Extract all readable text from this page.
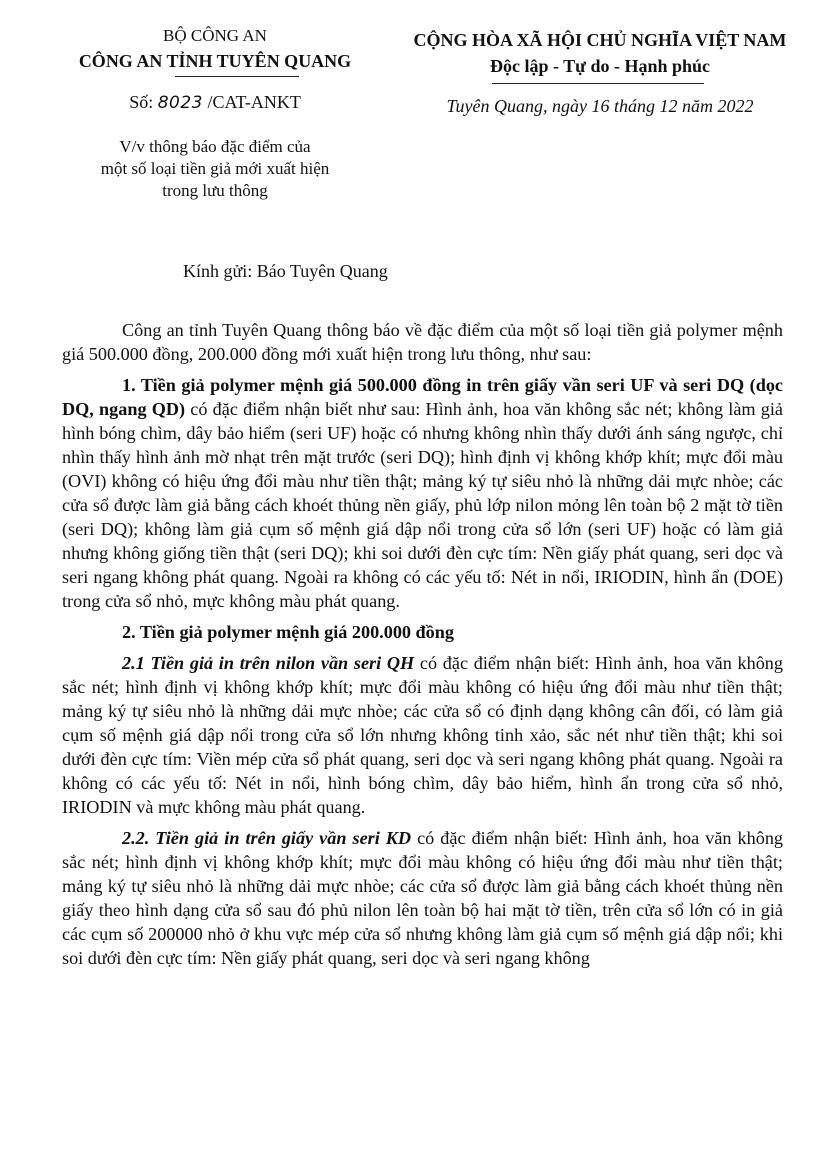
BỘ CÔNG AN
CÔNG AN TỈNH TUYÊN QUANG
Số: 8023 /CAT-ANKT
V/v thông báo đặc điểm của
một số loại tiền giả mới xuất hiện
trong lưu thông
CỘNG HÒA XÃ HỘI CHỦ NGHĨA VIỆT NAM
Độc lập - Tự do - Hạnh phúc
Tuyên Quang, ngày 16 tháng 12 năm 2022
Kính gửi: Báo Tuyên Quang

Công an tỉnh Tuyên Quang thông báo về đặc điểm của một số loại tiền giả polymer mệnh giá 500.000 đồng, 200.000 đồng mới xuất hiện trong lưu thông, như sau:

1. Tiền giả polymer mệnh giá 500.000 đồng in trên giấy vần seri UF và seri DQ (dọc DQ, ngang QD) có đặc điểm nhận biết như sau: Hình ảnh, hoa văn không sắc nét; không làm giả hình bóng chìm, dây bảo hiểm (seri UF) hoặc có nhưng không nhìn thấy dưới ánh sáng ngược, chỉ nhìn thấy hình ảnh mờ nhạt trên mặt trước (seri DQ); hình định vị không khớp khít; mực đổi màu (OVI) không có hiệu ứng đổi màu như tiền thật; mảng ký tự siêu nhỏ là những dải mực nhòe; các cửa sổ được làm giả bằng cách khoét thủng nền giấy, phủ lớp nilon mỏng lên toàn bộ 2 mặt tờ tiền (seri DQ); không làm giả cụm số mệnh giá dập nổi trong cửa sổ lớn (seri UF) hoặc có làm giả nhưng không giống tiền thật (seri DQ); khi soi dưới đèn cực tím: Nền giấy phát quang, seri dọc và seri ngang không phát quang. Ngoài ra không có các yếu tố: Nét in nổi, IRIODIN, hình ẩn (DOE) trong cửa sổ nhỏ, mực không màu phát quang.

2. Tiền giả polymer mệnh giá 200.000 đồng

2.1 Tiền giả in trên nilon vần seri QH có đặc điểm nhận biết: Hình ảnh, hoa văn không sắc nét; hình định vị không khớp khít; mực đổi màu không có hiệu ứng đổi màu như tiền thật; mảng ký tự siêu nhỏ là những dải mực nhòe; các cửa sổ có định dạng không cân đối, có làm giả cụm số mệnh giá dập nổi trong cửa sổ lớn nhưng không tinh xảo, sắc nét như tiền thật; khi soi dưới đèn cực tím: Viền mép cửa sổ phát quang, seri dọc và seri ngang không phát quang. Ngoài ra không có các yếu tố: Nét in nổi, hình bóng chìm, dây bảo hiểm, hình ẩn trong cửa sổ nhỏ, IRIODIN và mực không màu phát quang.

2.2. Tiền giả in trên giấy vần seri KD có đặc điểm nhận biết: Hình ảnh, hoa văn không sắc nét; hình định vị không khớp khít; mực đổi màu không có hiệu ứng đổi màu như tiền thật; mảng ký tự siêu nhỏ là những dải mực nhòe; các cửa sổ được làm giả bằng cách khoét thủng nền giấy theo hình dạng cửa sổ sau đó phủ nilon lên toàn bộ hai mặt tờ tiền, trên cửa sổ lớn có in giả các cụm số 200000 nhỏ ở khu vực mép cửa sổ nhưng không làm giả cụm số mệnh giá dập nổi; khi soi dưới đèn cực tím: Nền giấy phát quang, seri dọc và seri ngang không
